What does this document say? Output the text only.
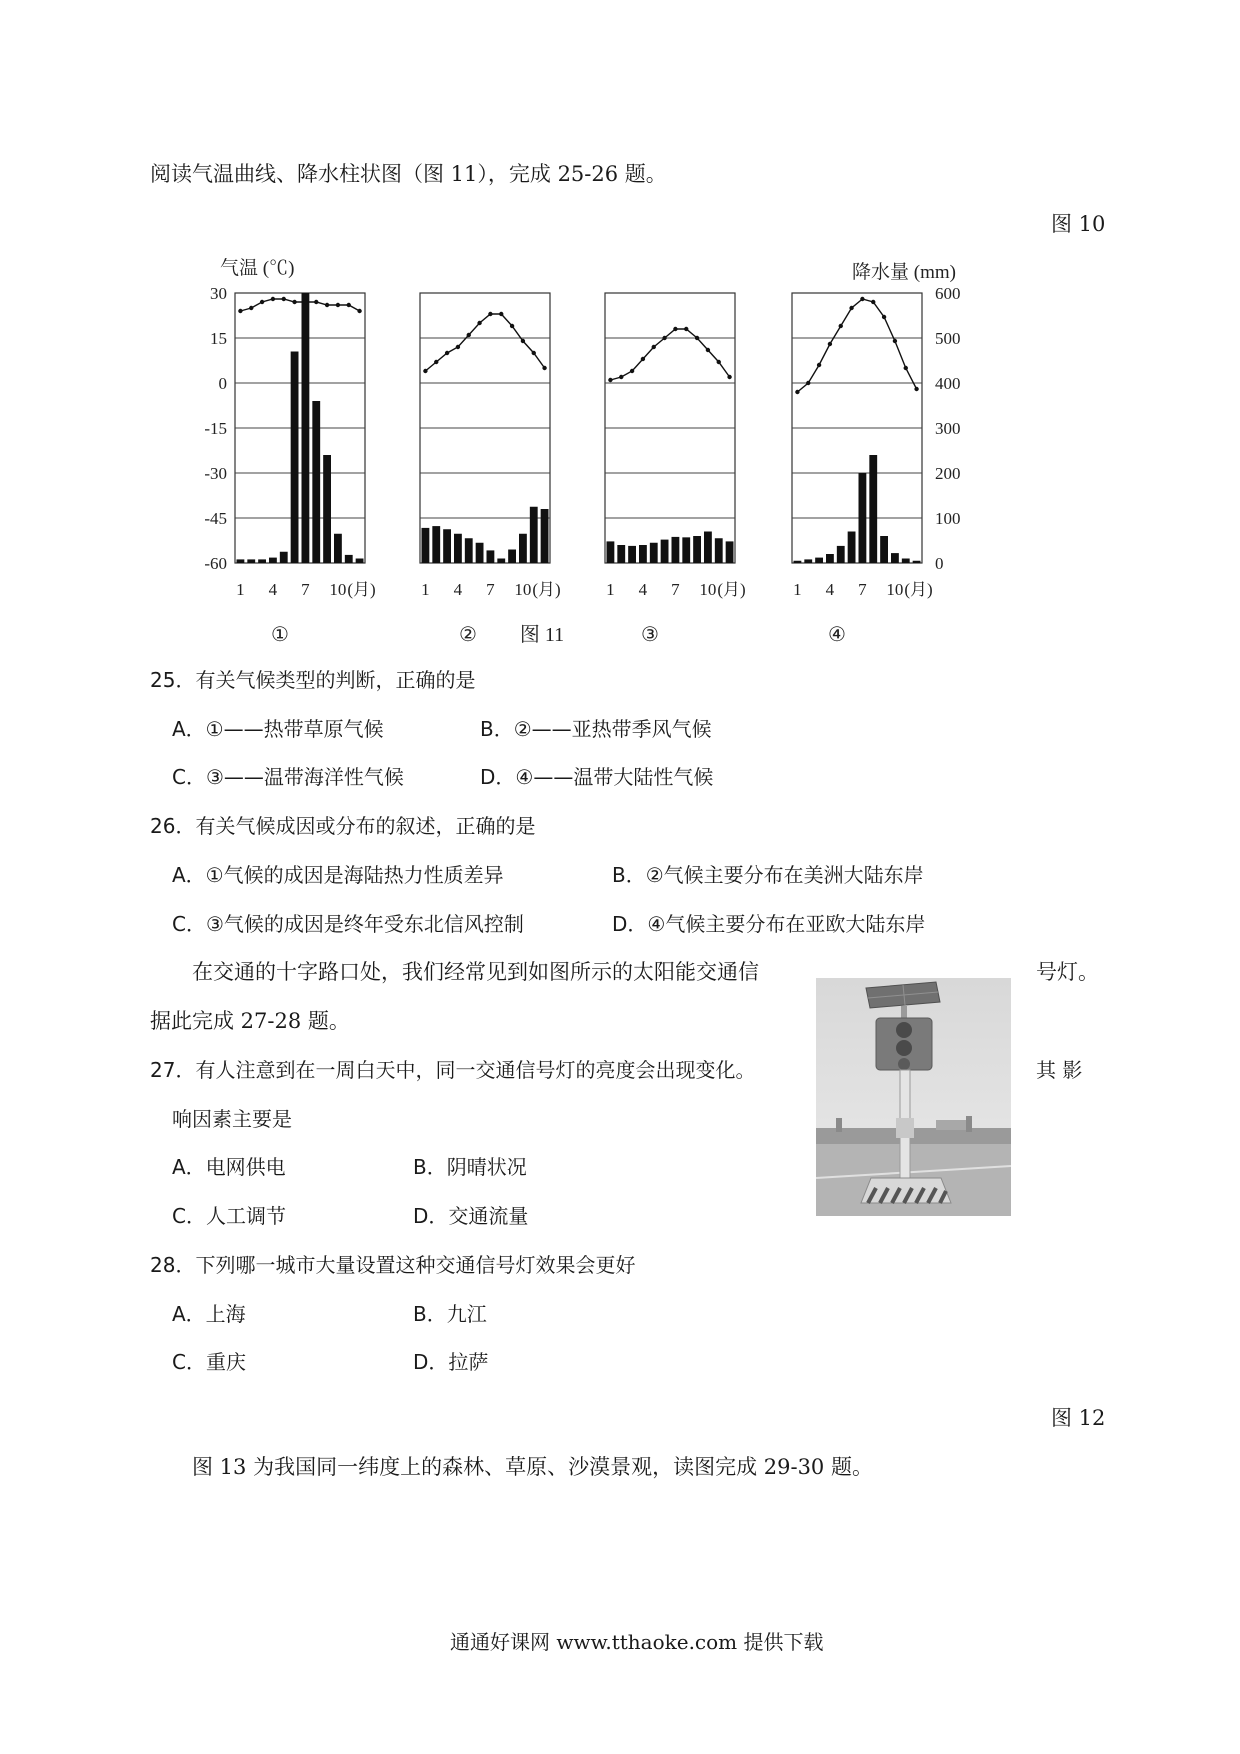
阅读气温曲线、降水柱状图（图 11），完成 25-26 题。
图 10
气温 (℃)	降水量 (mm)
30
15
0
-15
-30
-45
-60
600
500
400
300
200
100
0
1 4 7 10 (月)
①
1 4 7 10 (月)
②
1 4 7 10 (月)
③
1 4 7 10 (月)
④
图 11
25．有关气候类型的判断，正确的是
A．①——热带草原气候	B．②——亚热带季风气候
C．③——温带海洋性气候	D．④——温带大陆性气候
26．有关气候成因或分布的叙述，正确的是
A．①气候的成因是海陆热力性质差异	B．②气候主要分布在美洲大陆东岸
C．③气候的成因是终年受东北信风控制	D．④气候主要分布在亚欧大陆东岸
在交通的十字路口处，我们经常见到如图所示的太阳能交通信	号灯。
据此完成 27-28 题。
27．有人注意到在一周白天中，同一交通信号灯的亮度会出现变化。	其 影
响因素主要是
A．电网供电	B．阴晴状况
C．人工调节	D．交通流量
28．下列哪一城市大量设置这种交通信号灯效果会更好
A．上海	B．九江
C．重庆	D．拉萨
图 12
图 13 为我国同一纬度上的森林、草原、沙漠景观，读图完成 29-30 题。
通通好课网 www.tthaoke.com 提供下载
